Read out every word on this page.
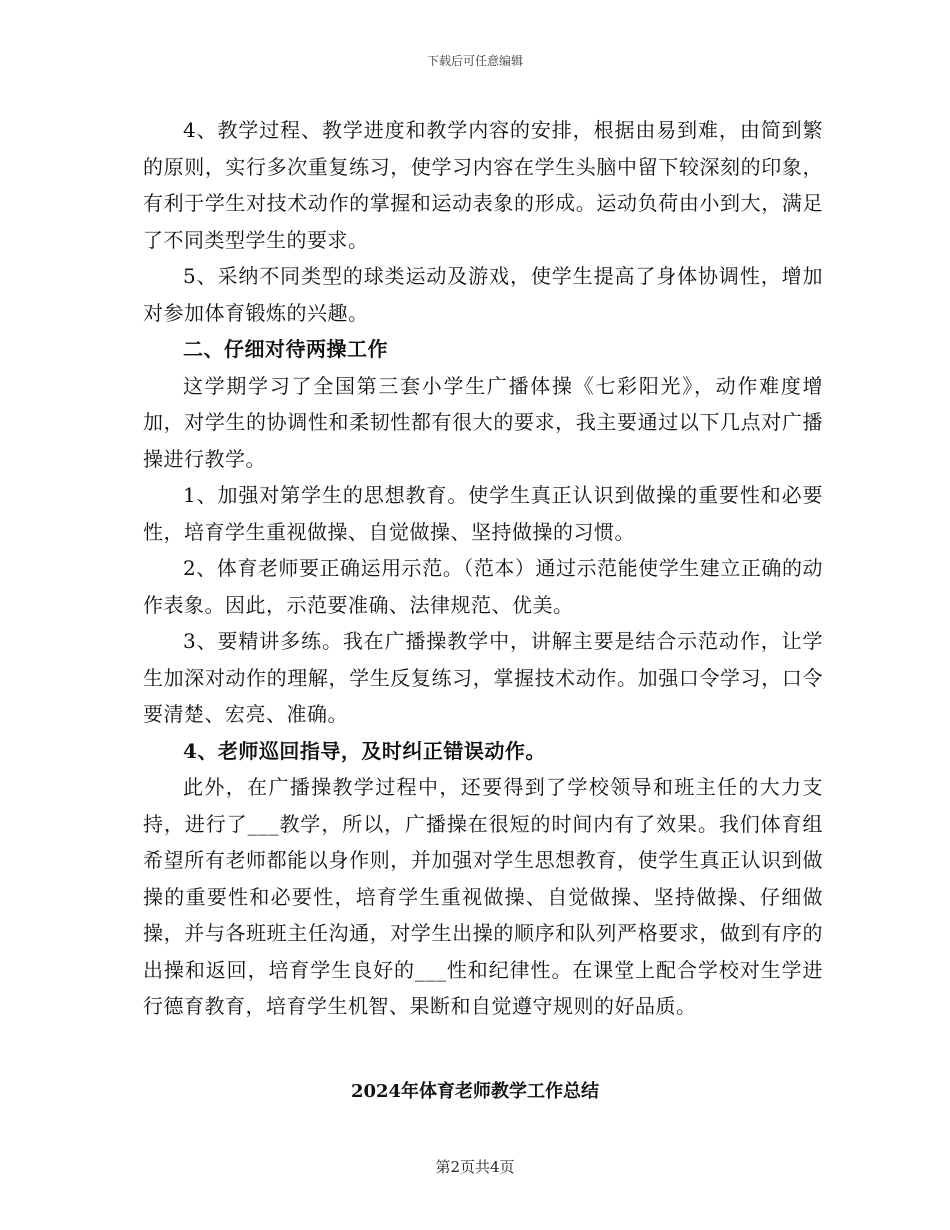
下载后可任意编辑

4、教学过程、教学进度和教学内容的安排，根据由易到难，由简到繁的原则，实行多次重复练习，使学习内容在学生头脑中留下较深刻的印象，有利于学生对技术动作的掌握和运动表象的形成。运动负荷由小到大，满足了不同类型学生的要求。

5、采纳不同类型的球类运动及游戏，使学生提高了身体协调性，增加对参加体育锻炼的兴趣。

二、仔细对待两操工作

这学期学习了全国第三套小学生广播体操《七彩阳光》，动作难度增加，对学生的协调性和柔韧性都有很大的要求，我主要通过以下几点对广播操进行教学。

1、加强对第学生的思想教育。使学生真正认识到做操的重要性和必要性，培育学生重视做操、自觉做操、坚持做操的习惯。

2、体育老师要正确运用示范。（范本）通过示范能使学生建立正确的动作表象。因此，示范要准确、法律规范、优美。

3、要精讲多练。我在广播操教学中，讲解主要是结合示范动作，让学生加深对动作的理解，学生反复练习，掌握技术动作。加强口令学习，口令要清楚、宏亮、准确。

4、老师巡回指导，及时纠正错误动作。

此外，在广播操教学过程中，还要得到了学校领导和班主任的大力支持，进行了___教学，所以，广播操在很短的时间内有了效果。我们体育组希望所有老师都能以身作则，并加强对学生思想教育，使学生真正认识到做操的重要性和必要性，培育学生重视做操、自觉做操、坚持做操、仔细做操，并与各班班主任沟通，对学生出操的顺序和队列严格要求，做到有序的出操和返回，培育学生良好的___性和纪律性。在课堂上配合学校对生学进行德育教育，培育学生机智、果断和自觉遵守规则的好品质。

2024年体育老师教学工作总结
第2页共4页
